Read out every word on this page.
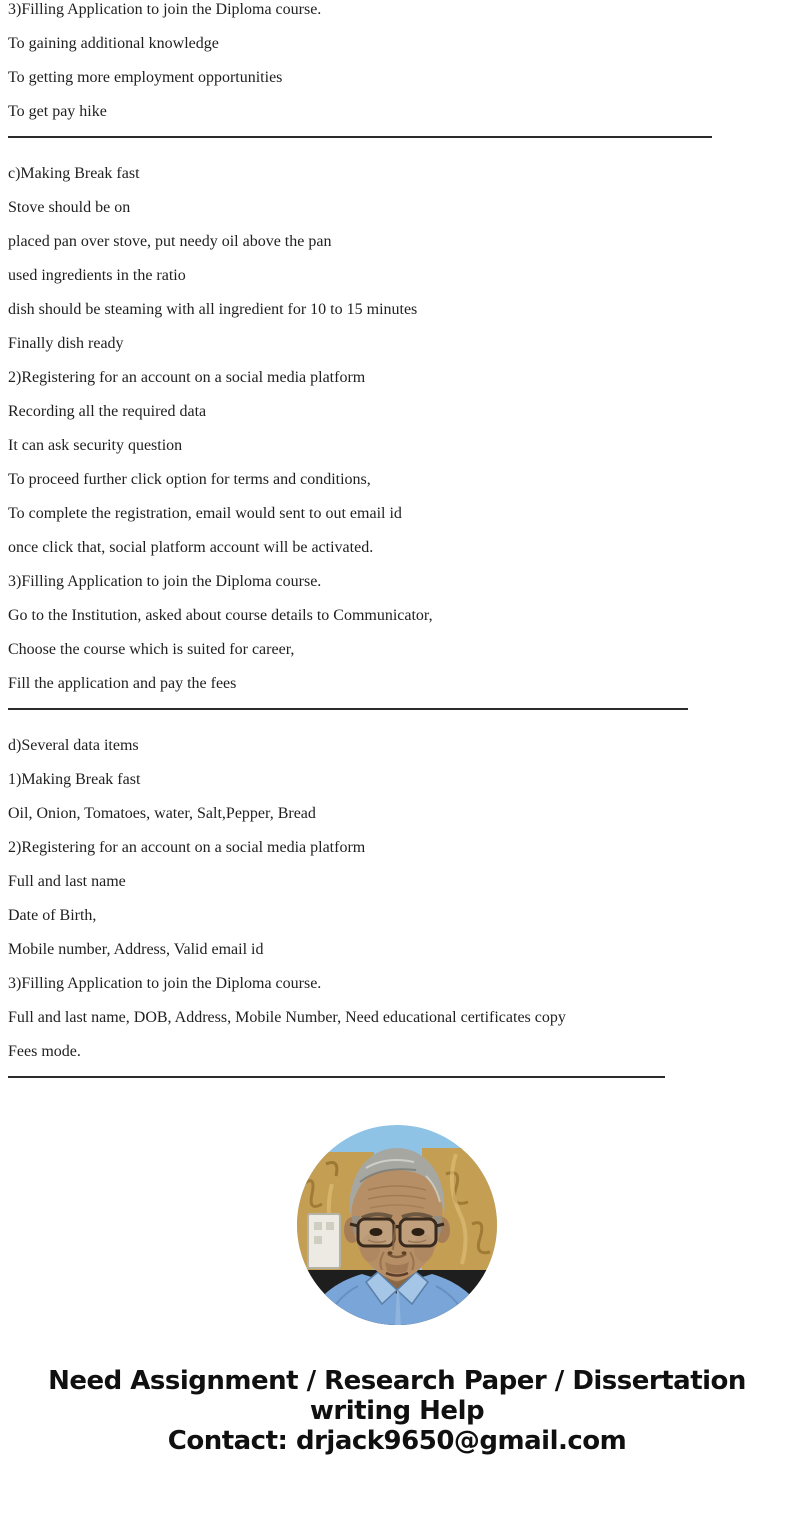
3)Filling Application to join the Diploma course.

To gaining additional knowledge

To getting more employment opportunities

To get pay hike

c)Making Break fast

Stove should be on

placed pan over stove, put needy oil above the pan

used ingredients in the ratio

dish should be steaming with all ingredient for 10 to 15 minutes

Finally dish ready

2)Registering for an account on a social media platform

Recording all the required data

It can ask security question

To proceed further click option for terms and conditions,

To complete the registration, email would sent to out email id

once click that, social platform account will be activated.

3)Filling Application to join the Diploma course.

Go to the Institution, asked about course details to Communicator,

Choose the course which is suited for career,

Fill the application and pay the fees

d)Several data items

1)Making Break fast

Oil, Onion, Tomatoes, water, Salt,Pepper, Bread

2)Registering for an account on a social media platform

Full and last name

Date of Birth,

Mobile number, Address, Valid email id

3)Filling Application to join the Diploma course.

Full and last name, DOB, Address, Mobile Number, Need educational certificates copy

Fees mode.

Need Assignment / Research Paper / Dissertation
writing Help
Contact: drjack9650@gmail.com
